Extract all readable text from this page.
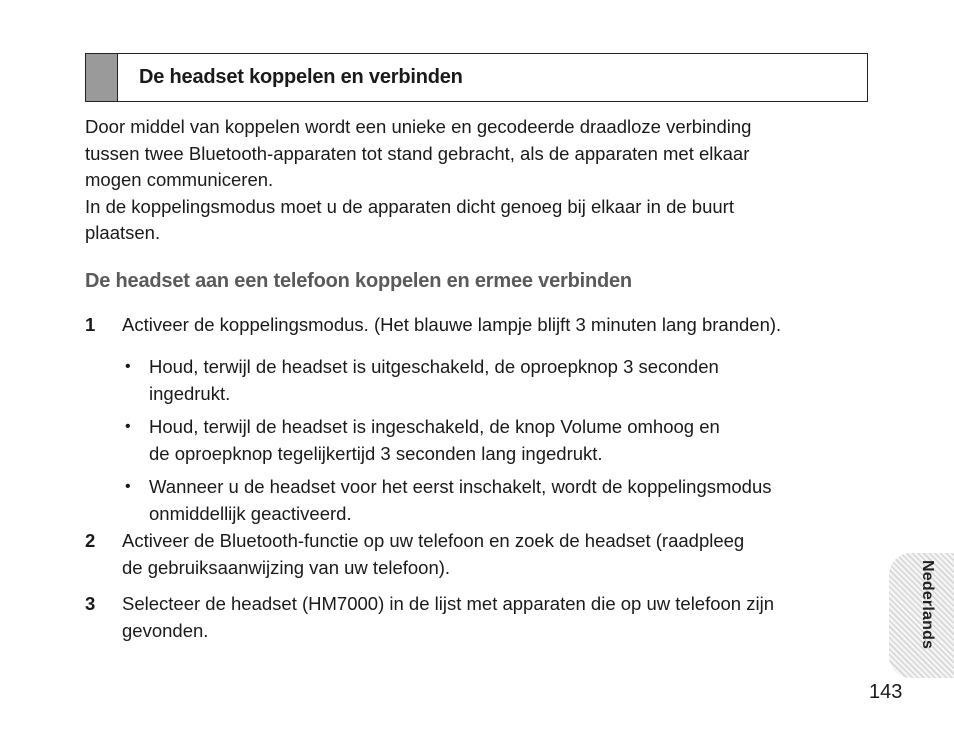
De headset koppelen en verbinden

Door middel van koppelen wordt een unieke en gecodeerde draadloze verbinding

tussen twee Bluetooth-apparaten tot stand gebracht, als de apparaten met elkaar

mogen communiceren.

In de koppelingsmodus moet u de apparaten dicht genoeg bij elkaar in de buurt

plaatsen.

De headset aan een telefoon koppelen en ermee verbinden
1 Activeer de koppelingsmodus. (Het blauwe lampje blijft 3 minuten lang branden).
• Houd, terwijl de headset is uitgeschakeld, de oproepknop 3 seconden
ingedrukt.
• Houd, terwijl de headset is ingeschakeld, de knop Volume omhoog en
de oproepknop tegelijkertijd 3 seconden lang ingedrukt.
• Wanneer u de headset voor het eerst inschakelt, wordt de koppelingsmodus
onmiddellijk geactiveerd.
2 Activeer de Bluetooth-functie op uw telefoon en zoek de headset (raadpleeg
de gebruiksaanwijzing van uw telefoon).
3 Selecteer de headset (HM7000) in de lijst met apparaten die op uw telefoon zijn
gevonden.	Nederlands
143
